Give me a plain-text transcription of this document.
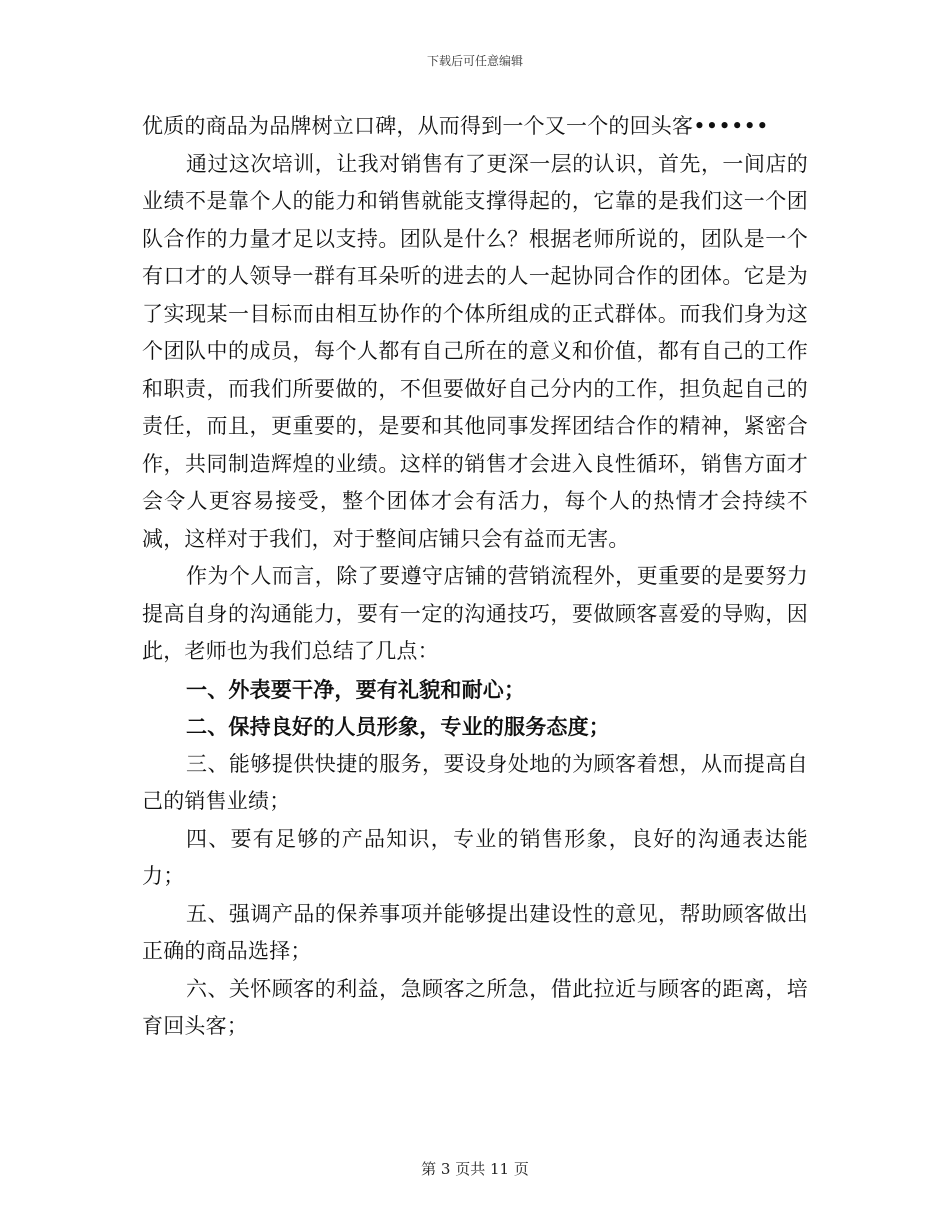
下载后可任意编辑

优质的商品为品牌树立口碑，从而得到一个又一个的回头客••••••

通过这次培训，让我对销售有了更深一层的认识，首先，一间店的业绩不是靠个人的能力和销售就能支撑得起的，它靠的是我们这一个团队合作的力量才足以支持。团队是什么？根据老师所说的，团队是一个有口才的人领导一群有耳朵听的进去的人一起协同合作的团体。它是为了实现某一目标而由相互协作的个体所组成的正式群体。而我们身为这个团队中的成员，每个人都有自己所在的意义和价值，都有自己的工作和职责，而我们所要做的，不但要做好自己分内的工作，担负起自己的责任，而且，更重要的，是要和其他同事发挥团结合作的精神，紧密合作，共同制造辉煌的业绩。这样的销售才会进入良性循环，销售方面才会令人更容易接受，整个团体才会有活力，每个人的热情才会持续不减，这样对于我们，对于整间店铺只会有益而无害。

作为个人而言，除了要遵守店铺的营销流程外，更重要的是要努力提高自身的沟通能力，要有一定的沟通技巧，要做顾客喜爱的导购，因此，老师也为我们总结了几点：

一、外表要干净，要有礼貌和耐心；

二、保持良好的人员形象，专业的服务态度；

三、能够提供快捷的服务，要设身处地的为顾客着想，从而提高自己的销售业绩；

四、要有足够的产品知识，专业的销售形象，良好的沟通表达能力；

五、强调产品的保养事项并能够提出建设性的意见，帮助顾客做出正确的商品选择；

六、关怀顾客的利益，急顾客之所急，借此拉近与顾客的距离，培育回头客；

第 3 页共 11 页
